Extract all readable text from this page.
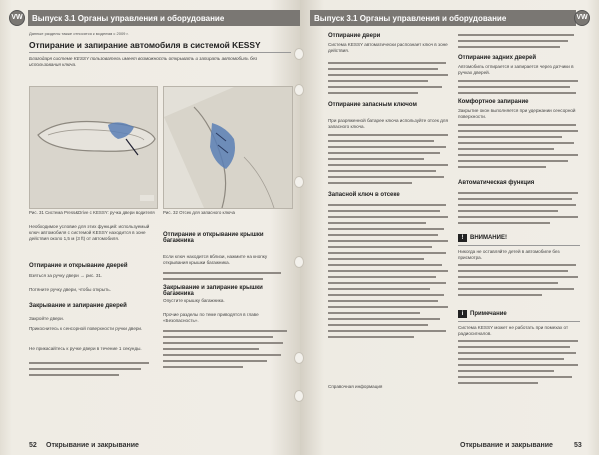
VW	Выпуск 3.1 Органы управления и оборудование
Данные разделы также относятся к моделям с 2009 г.
Отпирание и запирание автомобиля в системой KESSY
Благодаря системе KESSY пользователь имеет возможность открывать и запирать автомобиль без использования ключа.
Рис. 31 Система Press&Drive с KESSY: ручка двери водителя Рис. 32 Отсек для запасного ключа
Необходимое условие для этих функций: используемый ключ автомобиля с системой KESSY находится в зоне действия около 1,5 м (3 ft) от автомобиля.
Отпирание и открывание дверей
Взяться за ручку двери → рис. 31.
Потяните ручку двери, чтобы открыть.
Закрывание и запирание дверей
Закройте двери.
Прикоснитесь к сенсорной поверхности ручки двери.
Не прикасайтесь к ручке двери в течение 1 секунды.
Отпирание и открывание крышки багажника
Если ключ находится вблизи, нажмите на кнопку открывания крышки багажника.
Закрывание и запирание крышки багажника
Опустите крышку багажника.
Прочие разделы по теме приводятся в главе «Безопасность».
52 Открывание и закрывание
Выпуск 3.1 Органы управления и оборудование	VW
Отпирание двери
Система KESSY автоматически распознает ключ в зоне действия.
Отпирание запасным ключом
При разряженной батарее ключа используйте отсек для запасного ключа.
Запасной ключ в отсеке
Справочная информация
Отпирание задних дверей
Автомобиль отпирается и запирается через датчики в ручках дверей.
Комфортное запирание
Закрытие окон выполняется при удержании сенсорной поверхности.
Автоматическая функция
!	ВНИМАНИЕ!
Никогда не оставляйте детей в автомобиле без присмотра.
i	Примечание
Система KESSY может не работать при помехах от радиосигналов.
Открывание и закрывание	53
